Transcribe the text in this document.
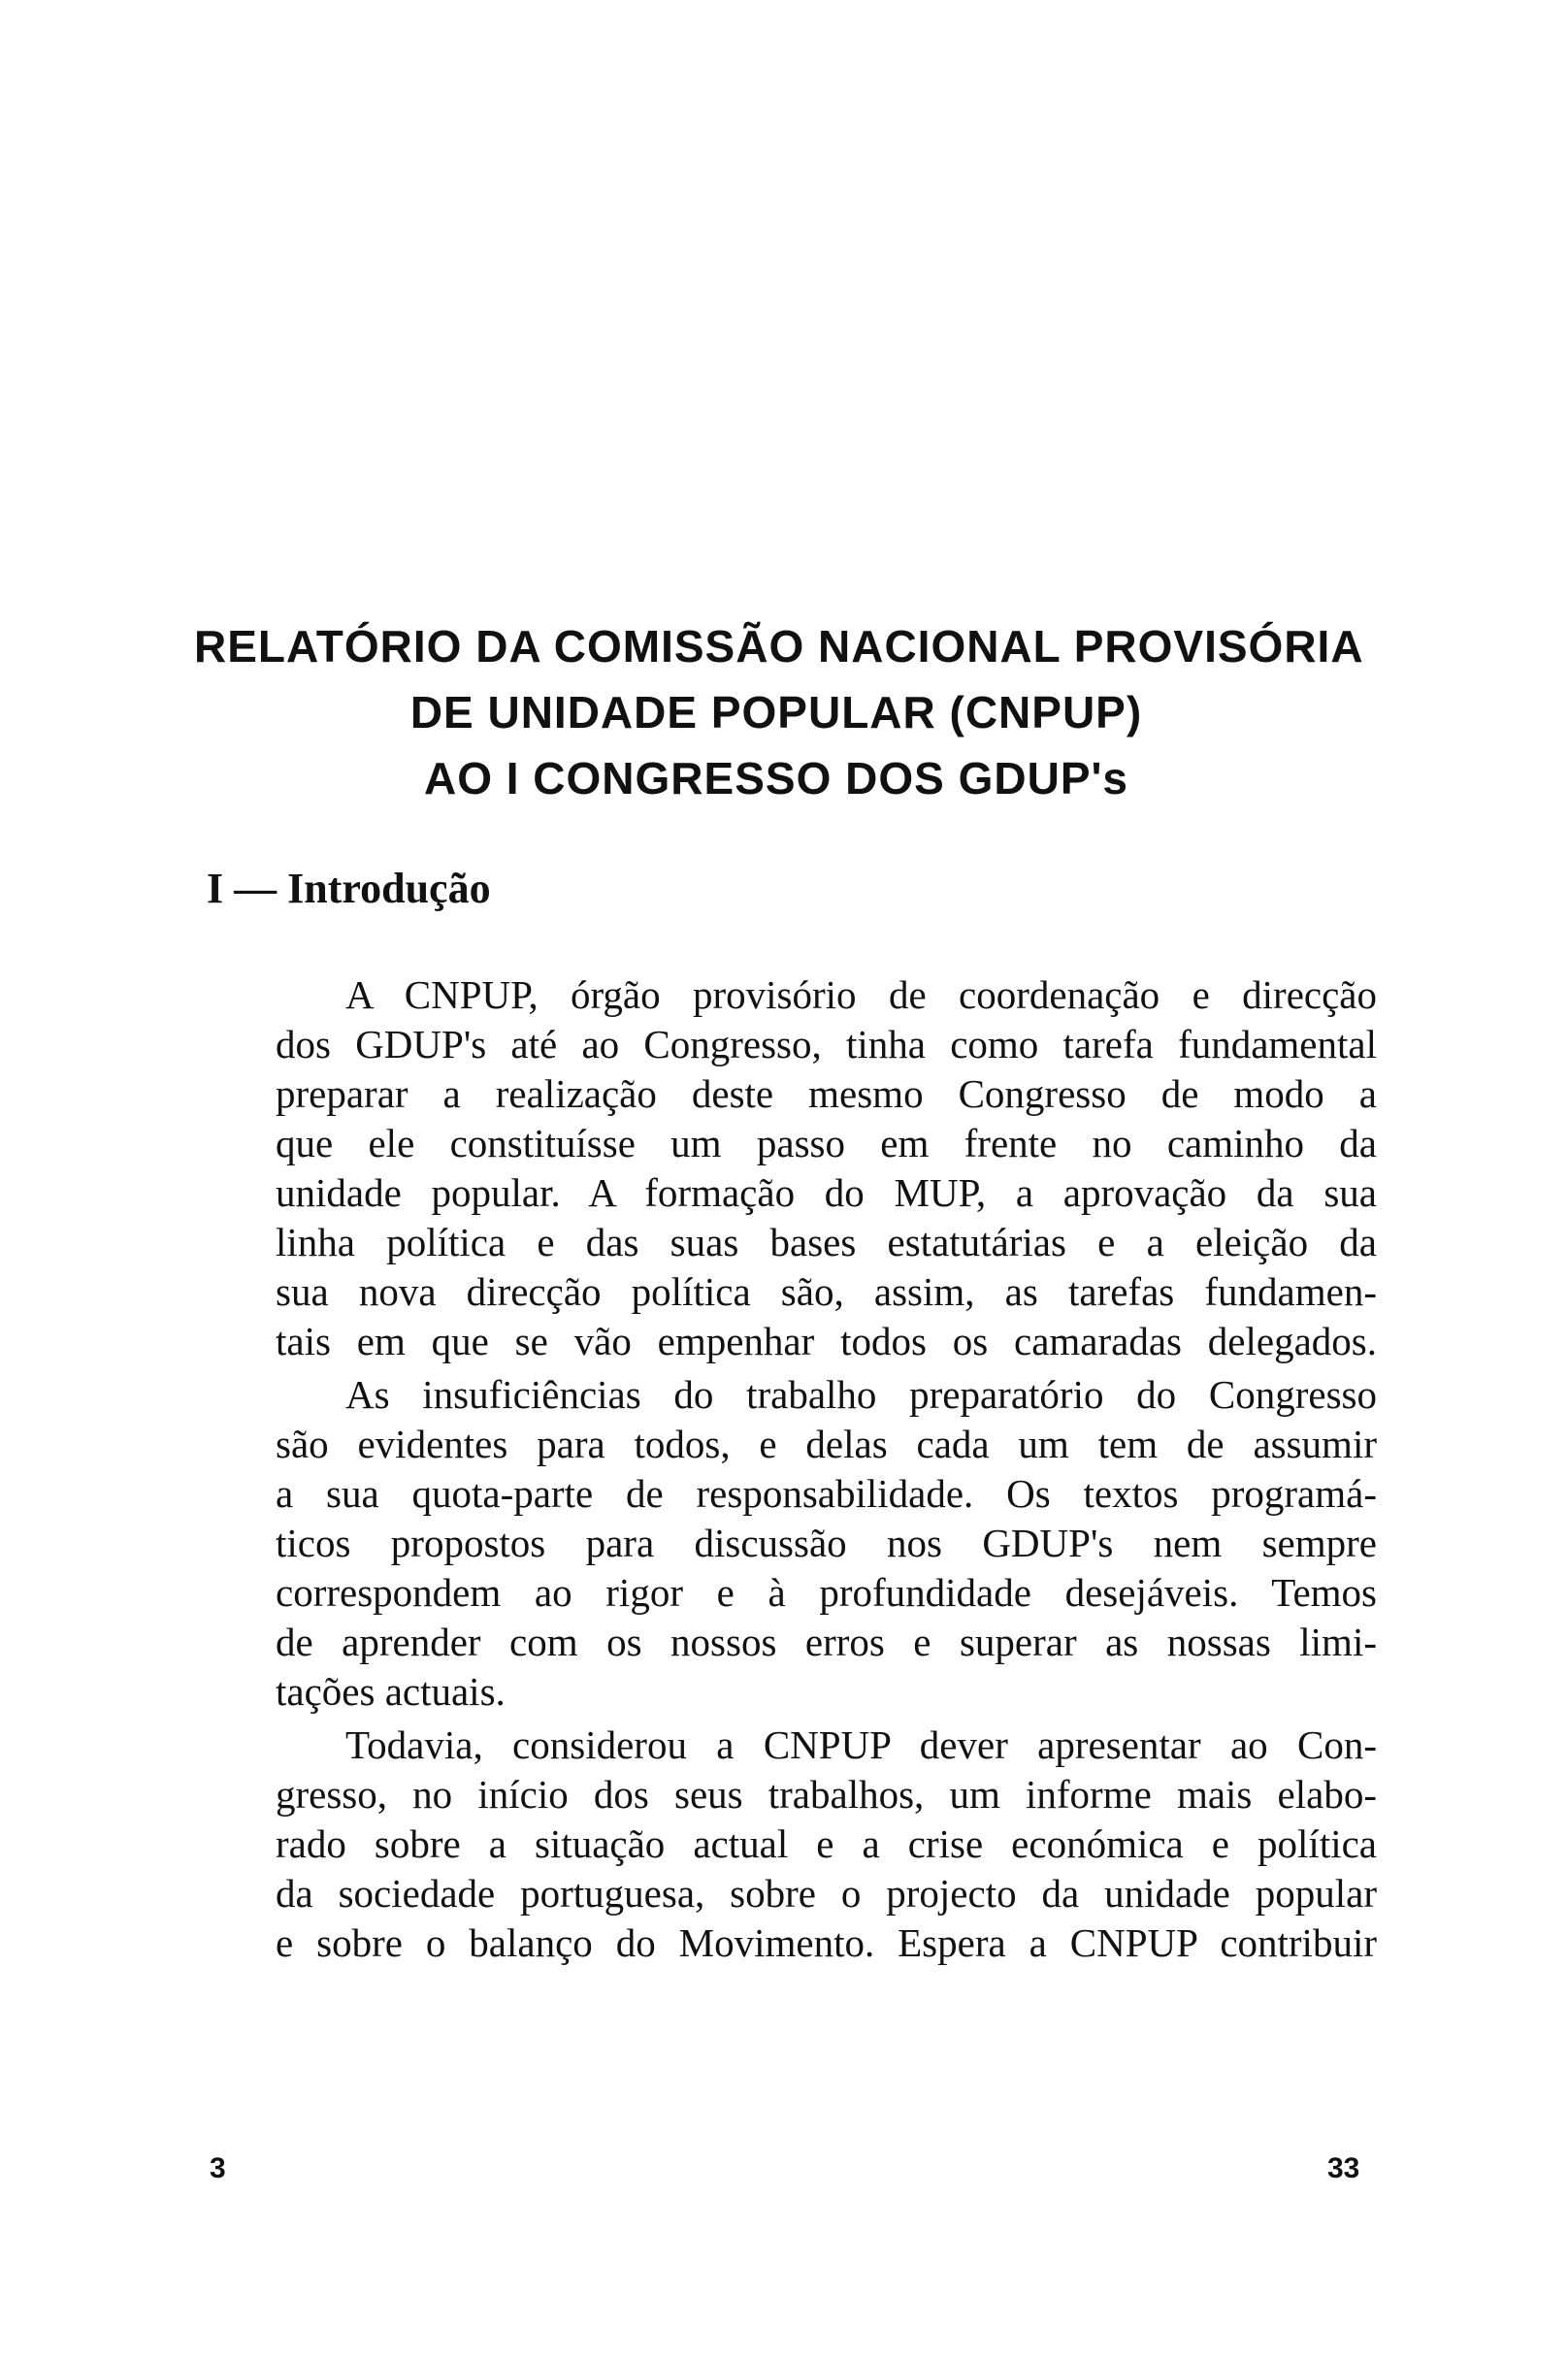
RELATÓRIO DA COMISSÃO NACIONAL PROVISÓRIA
DE UNIDADE POPULAR (CNPUP)
AO I CONGRESSO DOS GDUP's
I — Introdução
A CNPUP, órgão provisório de coordenação e direcção
dos GDUP's até ao Congresso, tinha como tarefa fundamental
preparar a realização deste mesmo Congresso de modo a
que ele constituísse um passo em frente no caminho da
unidade popular. A formação do MUP, a aprovação da sua
linha política e das suas bases estatutárias e a eleição da
sua nova direcção política são, assim, as tarefas fundamen-
tais em que se vão empenhar todos os camaradas delegados.
As insuficiências do trabalho preparatório do Congresso
são evidentes para todos, e delas cada um tem de assumir
a sua quota-parte de responsabilidade. Os textos programá-
ticos propostos para discussão nos GDUP's nem sempre
correspondem ao rigor e à profundidade desejáveis. Temos
de aprender com os nossos erros e superar as nossas limi-
tações actuais.
Todavia, considerou a CNPUP dever apresentar ao Con-
gresso, no início dos seus trabalhos, um informe mais elabo-
rado sobre a situação actual e a crise económica e política
da sociedade portuguesa, sobre o projecto da unidade popular
e sobre o balanço do Movimento. Espera a CNPUP contribuir
3	33
